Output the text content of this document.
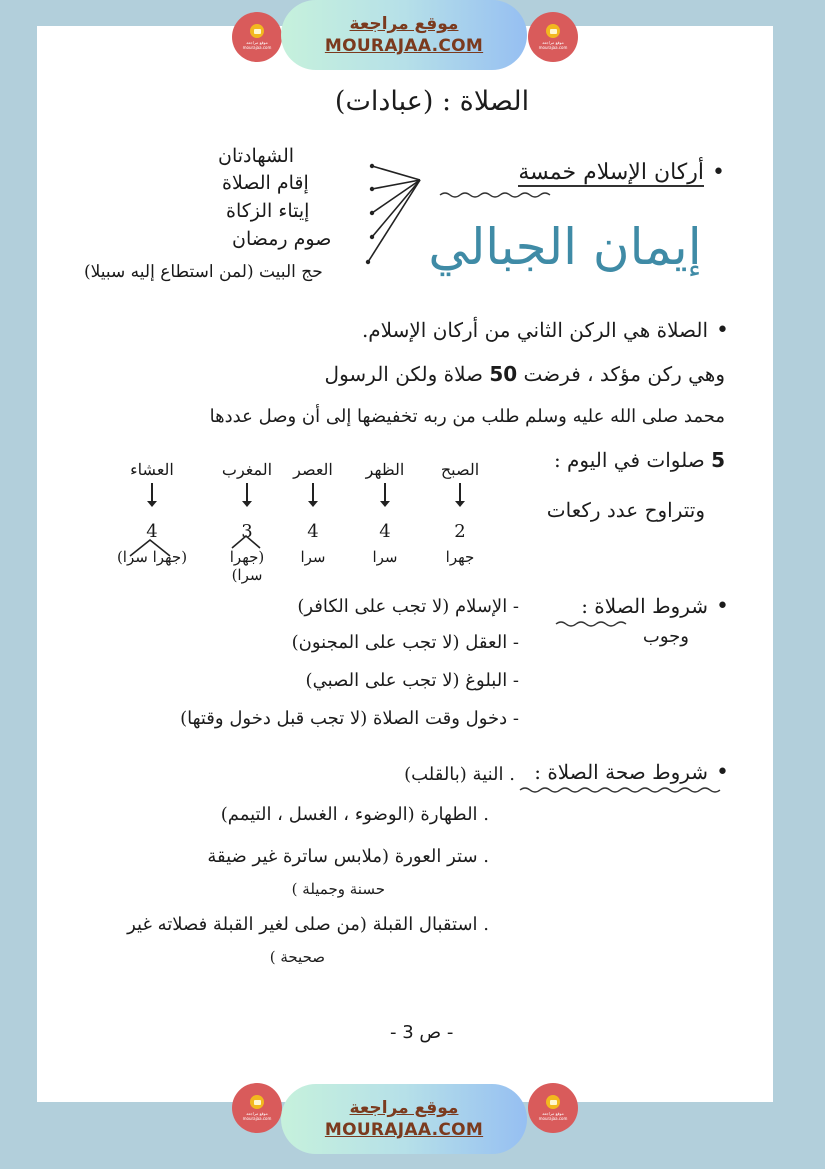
موقع مراجعة
mourajaa.com
موقع مراجعة
MOURAJAA.COM	موقع مراجعة
mourajaa.com
الصلاة : (عبادات)
• أركان الإسلام خمسة
الشهادتان
إقام الصلاة
إيتاء الزكاة
صوم رمضان
حج البيت (لمن استطاع إليه سبيلا) إيمان الجبالي
• الصلاة هي الركن الثاني من أركان الإسلام.
وهي ركن مؤكد ، فرضت 50 صلاة ولكن الرسول
محمد صلى الله عليه وسلم طلب من ربه تخفيضها إلى أن وصل عددها
5 صلوات في اليوم :
وتتراوح عدد ركعات
الصبح
2
جهرا
الظهر
4
سرا
العصر
4
سرا
المغرب
3
(جهرا سرا)
العشاء
4
(جهرا سرا)
• شروط الصلاة :
وجوب
- الإسلام (لا تجب على الكافر)
- العقل (لا تجب على المجنون)
- البلوغ (لا تجب على الصبي)
- دخول وقت الصلاة (لا تجب قبل دخول وقتها)
• شروط صحة الصلاة :
. النية (بالقلب)
. الطهارة (الوضوء ، الغسل ، التيمم)
. ستر العورة (ملابس ساترة غير ضيقة
حسنة وجميلة )
. استقبال القبلة (من صلى لغير القبلة فصلاته غير
صحيحة )
- ص 3 -
موقع مراجعة
mourajaa.com
موقع مراجعة
MOURAJAA.COM
موقع مراجعة
mourajaa.com
